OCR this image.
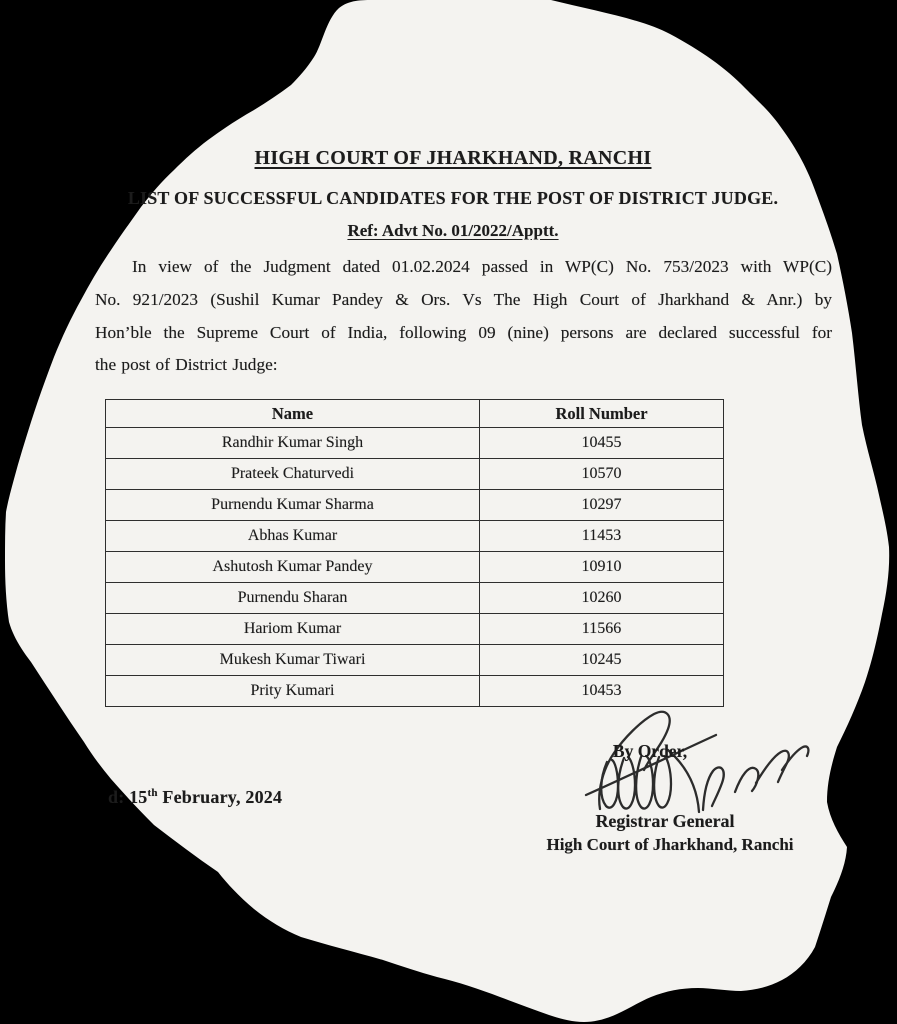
HIGH COURT OF JHARKHAND, RANCHI
LIST OF SUCCESSFUL CANDIDATES FOR THE POST OF DISTRICT JUDGE.
Ref: Advt No. 01/2022/Apptt.
In view of the Judgment dated 01.02.2024 passed in WP(C) No. 753/2023 with WP(C)
No. 921/2023 (Sushil Kumar Pandey & Ors. Vs The High Court of Jharkhand & Anr.) by
Hon’ble the Supreme Court of India, following 09 (nine) persons are declared successful for
the post of District Judge:
Name	Roll Number
Randhir Kumar Singh	10455
Prateek Chaturvedi	10570
Purnendu Kumar Sharma	10297
Abhas Kumar	11453
Ashutosh Kumar Pandey	10910
Purnendu Sharan	10260
Hariom Kumar	11566
Mukesh Kumar Tiwari	10245
Prity Kumari	10453
d: 15th February, 2024
By Order,
Registrar General
High Court of Jharkhand, Ranchi
